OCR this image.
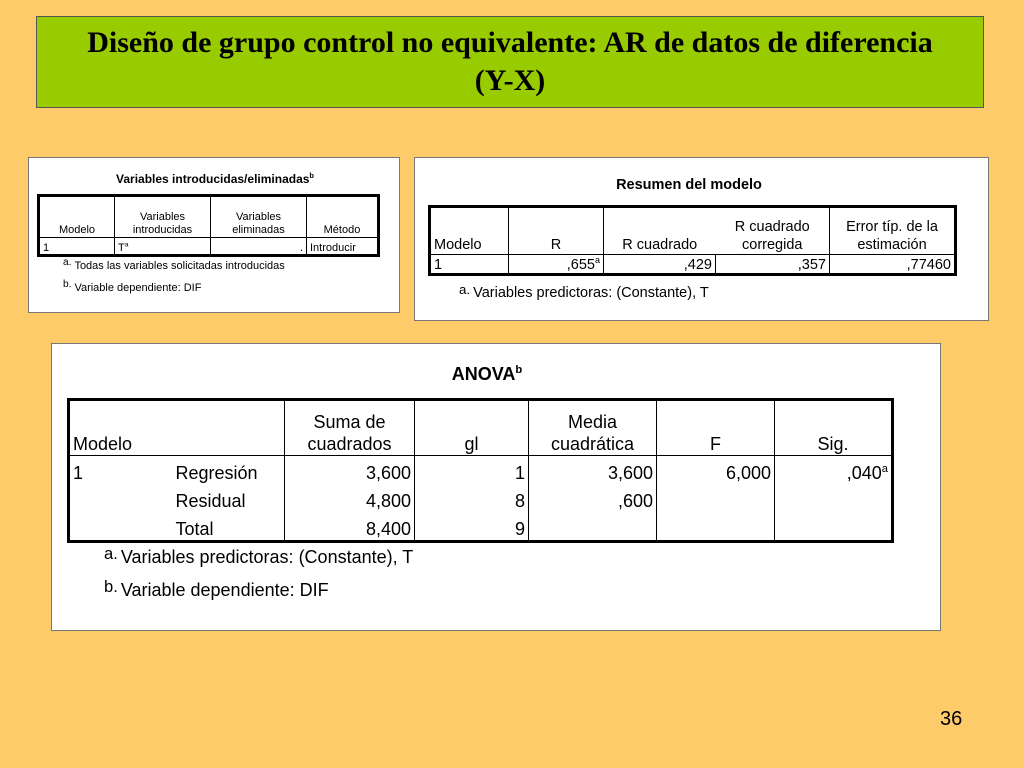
Diseño de grupo control no equivalente: AR de datos de diferencia (Y-X)
Variables introducidas/eliminadas$^b$
Modelo	Variables introducidas	Variables eliminadas	Método
1	$T^a$	.	Introducir
a. Todas las variables solicitadas introducidas
b. Variable dependiente: DIF
Resumen del modelo
Modelo	R	R cuadrado	R cuadrado corregida	Error típ. de la estimación
1	,655$^a$	,429	,357	,77460
a. Variables predictoras: (Constante), T
ANOVA$^b$
Modelo		Suma de cuadrados	gl	Media cuadrática	F	Sig.
1	Regresión	3,600	1	3,600	6,000	,040$^a$
	Residual	4,800	8	,600		
	Total	8,400	9			
a. Variables predictoras: (Constante), T
b. Variable dependiente: DIF
36
